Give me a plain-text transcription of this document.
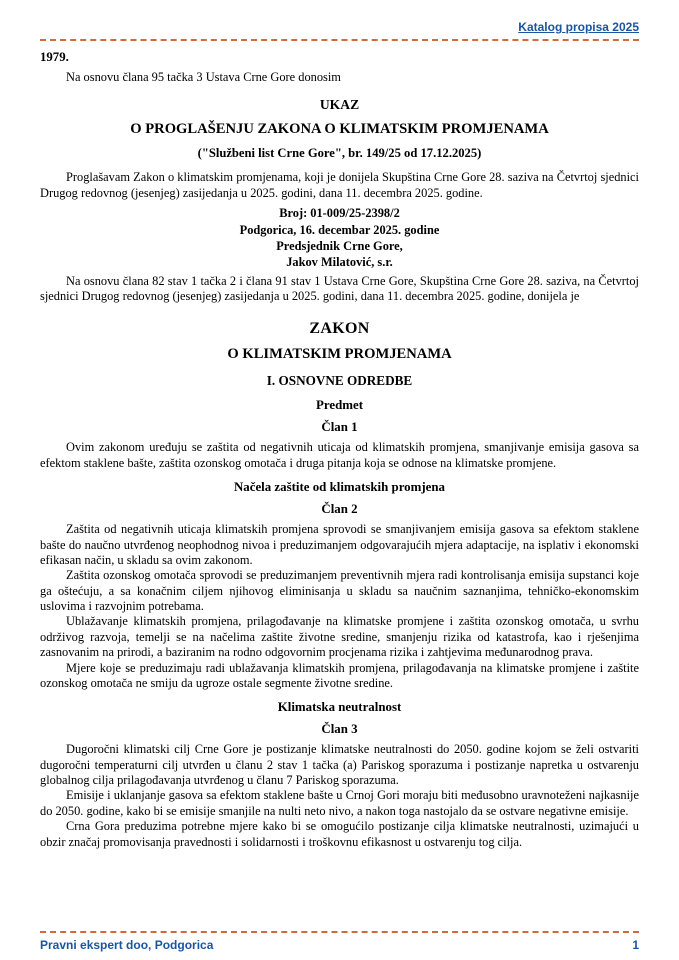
Katalog propisa 2025

1979.

Na osnovu člana 95 tačka 3 Ustava Crne Gore donosim

UKAZ
O PROGLAŠENJU ZAKONA O KLIMATSKIM PROMJENAMA

("Službeni list Crne Gore", br. 149/25 od 17.12.2025)

Proglašavam Zakon o klimatskim promjenama, koji je donijela Skupština Crne Gore 28. saziva na Četvrtoj sjednici Drugog redovnog (jesenjeg) zasijedanja u 2025. godini, dana 11. decembra 2025. godine.

Broj: 01-009/25-2398/2

Podgorica, 16. decembar 2025. godine

Predsjednik Crne Gore,

Jakov Milatović, s.r.

Na osnovu člana 82 stav 1 tačka 2 i člana 91 stav 1 Ustava Crne Gore, Skupština Crne Gore 28. saziva, na Četvrtoj sjednici Drugog redovnog (jesenjeg) zasijedanja u 2025. godini, dana 11. decembra 2025. godine, donijela je

ZAKON
O KLIMATSKIM PROMJENAMA
I. OSNOVNE ODREDBE
Predmet
Član 1

Ovim zakonom uređuju se zaštita od negativnih uticaja od klimatskih promjena, smanjivanje emisija gasova sa efektom staklene bašte, zaštita ozonskog omotača i druga pitanja koja se odnose na klimatske promjene.

Načela zaštite od klimatskih promjena
Član 2

Zaštita od negativnih uticaja klimatskih promjena sprovodi se smanjivanjem emisija gasova sa efektom staklene bašte do naučno utvrđenog neophodnog nivoa i preduzimanjem odgovarajućih mjera adaptacije, na isplativ i ekonomski efikasan način, u skladu sa ovim zakonom.

Zaštita ozonskog omotača sprovodi se preduzimanjem preventivnih mjera radi kontrolisanja emisija supstanci koje ga oštećuju, a sa konačnim ciljem njihovog eliminisanja u skladu sa naučnim saznanjima, tehničko-ekonomskim uslovima i razvojnim potrebama.

Ublažavanje klimatskih promjena, prilagođavanje na klimatske promjene i zaštita ozonskog omotača, u svrhu održivog razvoja, temelji se na načelima zaštite životne sredine, smanjenju rizika od katastrofa, kao i rješenjima zasnovanim na prirodi, a baziranim na rodno odgovornim procjenama rizika i zahtjevima međunarodnog prava.

Mjere koje se preduzimaju radi ublažavanja klimatskih promjena, prilagođavanja na klimatske promjene i zaštite ozonskog omotača ne smiju da ugroze ostale segmente životne sredine.

Klimatska neutralnost
Član 3

Dugoročni klimatski cilj Crne Gore je postizanje klimatske neutralnosti do 2050. godine kojom se želi ostvariti dugoročni temperaturni cilj utvrđen u članu 2 stav 1 tačka (a) Pariskog sporazuma i postizanje napretka u ostvarenju globalnog cilja prilagođavanja utvrđenog u članu 7 Pariskog sporazuma.

Emisije i uklanjanje gasova sa efektom staklene bašte u Crnoj Gori moraju biti međusobno uravnoteženi najkasnije do 2050. godine, kako bi se emisije smanjile na nulti neto nivo, a nakon toga nastojalo da se ostvare negativne emisije.

Crna Gora preduzima potrebne mjere kako bi se omogućilo postizanje cilja klimatske neutralnosti, uzimajući u obzir značaj promovisanja pravednosti i solidarnosti i troškovnu efikasnost u ostvarenju tog cilja.

Pravni ekspert doo, Podgorica	1
